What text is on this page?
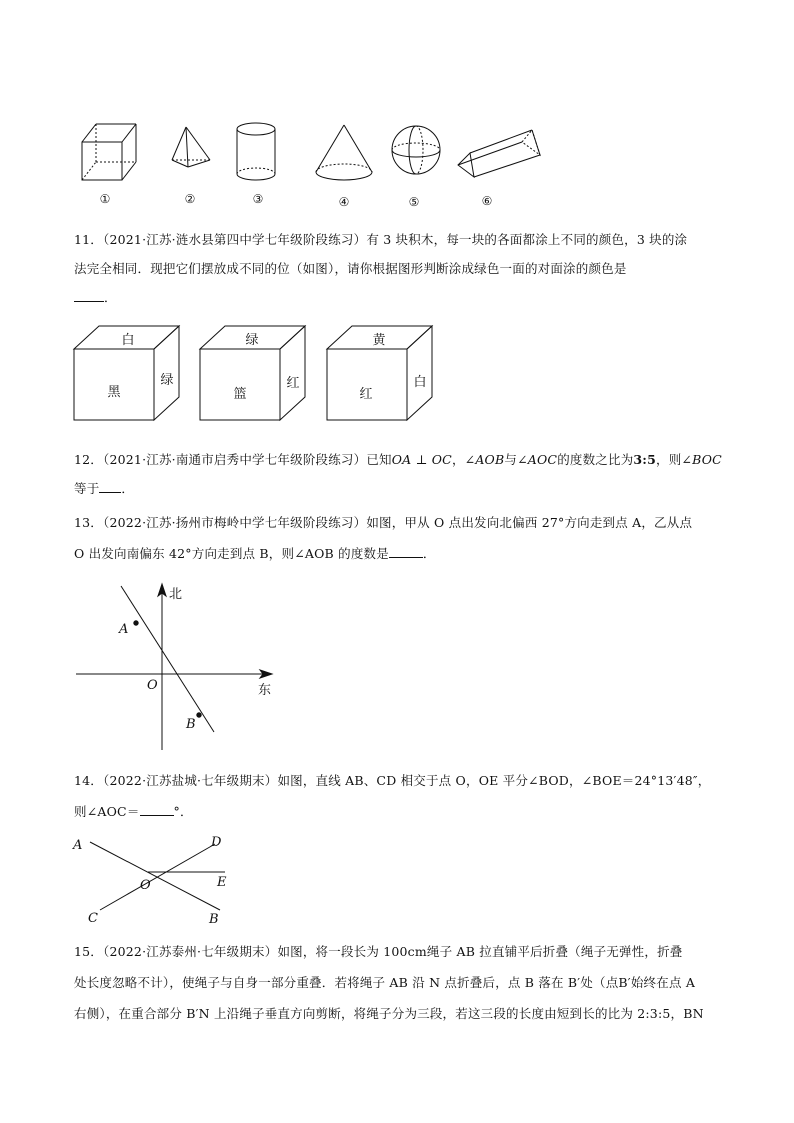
①	②	③	④	⑤	⑥
11．（2021·江苏·涟水县第四中学七年级阶段练习）有 3 块积木，每一块的各面都涂上不同的颜色，3 块的涂
法完全相同．现把它们摆放成不同的位（如图），请你根据图形判断涂成绿色一面的对面涂的颜色是
．
白
黑
绿
绿
篮
红
黄
红
白
12．（2021·江苏·南通市启秀中学七年级阶段练习）已知OA ⊥ OC，∠AOB与∠AOC的度数之比为3:5，则∠BOC
等于 ．
13．（2022·江苏·扬州市梅岭中学七年级阶段练习）如图，甲从 O 点出发向北偏西 27°方向走到点 A，乙从点
O 出发向南偏东 42°方向走到点 B，则∠AOB 的度数是	．
北
东
A
O
B
14．（2022·江苏盐城·七年级期末）如图，直线 AB、CD 相交于点 O，OE 平分∠BOD，∠BOE＝24°13′48″，
则∠AOC＝	°．
A	D
O	E
C	B
15．（2022·江苏泰州·七年级期末）如图，将一段长为 100cm绳子 AB 拉直铺平后折叠（绳子无弹性，折叠
处长度忽略不计），使绳子与自身一部分重叠．若将绳子 AB 沿 N 点折叠后，点 B 落在 B′处（点B′始终在点 A
右侧），在重合部分 B′N 上沿绳子垂直方向剪断，将绳子分为三段，若这三段的长度由短到长的比为 2:3:5，BN
